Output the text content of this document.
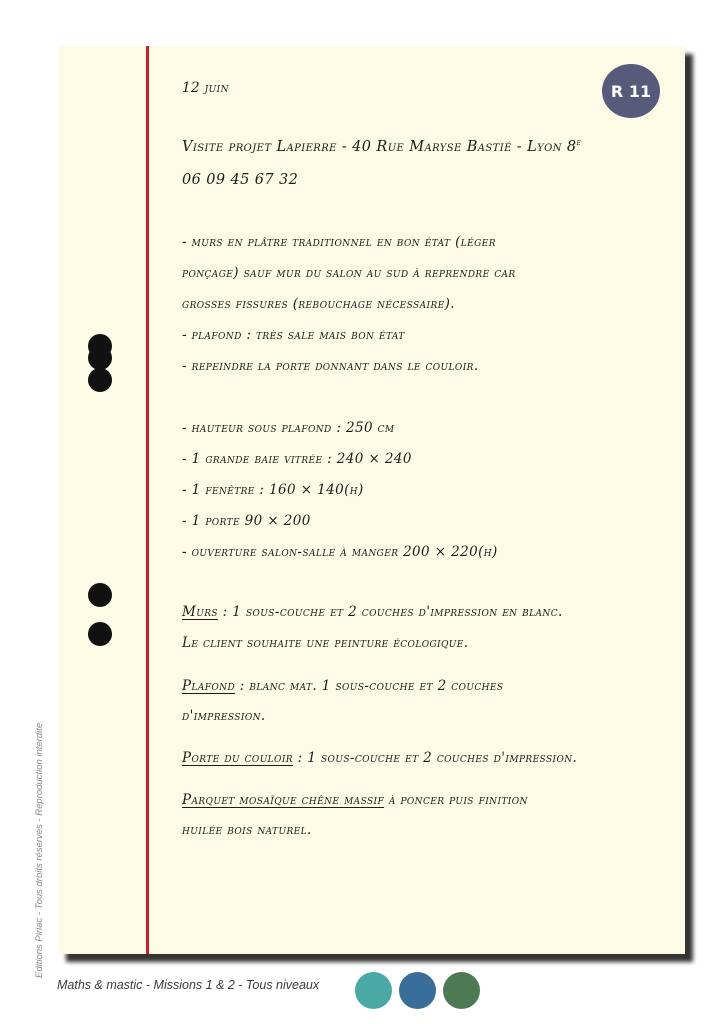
R 11
12 juin
Visite projet Lapierre - 40 Rue Maryse Bastié - Lyon 8e
06 09 45 67 32
- murs en plâtre traditionnel en bon état (léger
ponçage) sauf mur du salon au sud à reprendre car
grosses fissures (rebouchage nécessaire).
- plafond : très sale mais bon état
- repeindre la porte donnant dans le couloir.
- hauteur sous plafond : 250 cm
- 1 grande baie vitrée : 240 × 240
- 1 fenêtre : 160 × 140(h)
- 1 porte 90 × 200
- ouverture salon-salle à manger 200 × 220(h)
Murs : 1 sous-couche et 2 couches d'impression en blanc.
Le client souhaite une peinture écologique.
Plafond : blanc mat. 1 sous-couche et 2 couches
d'impression.
Porte du couloir : 1 sous-couche et 2 couches d'impression.
Parquet mosaïque chêne massif à poncer puis finition
huilée bois naturel.
Editions Piriac - Tous droits réservés - Reproduction interdite
Maths & mastic - Missions 1 & 2 - Tous niveaux
